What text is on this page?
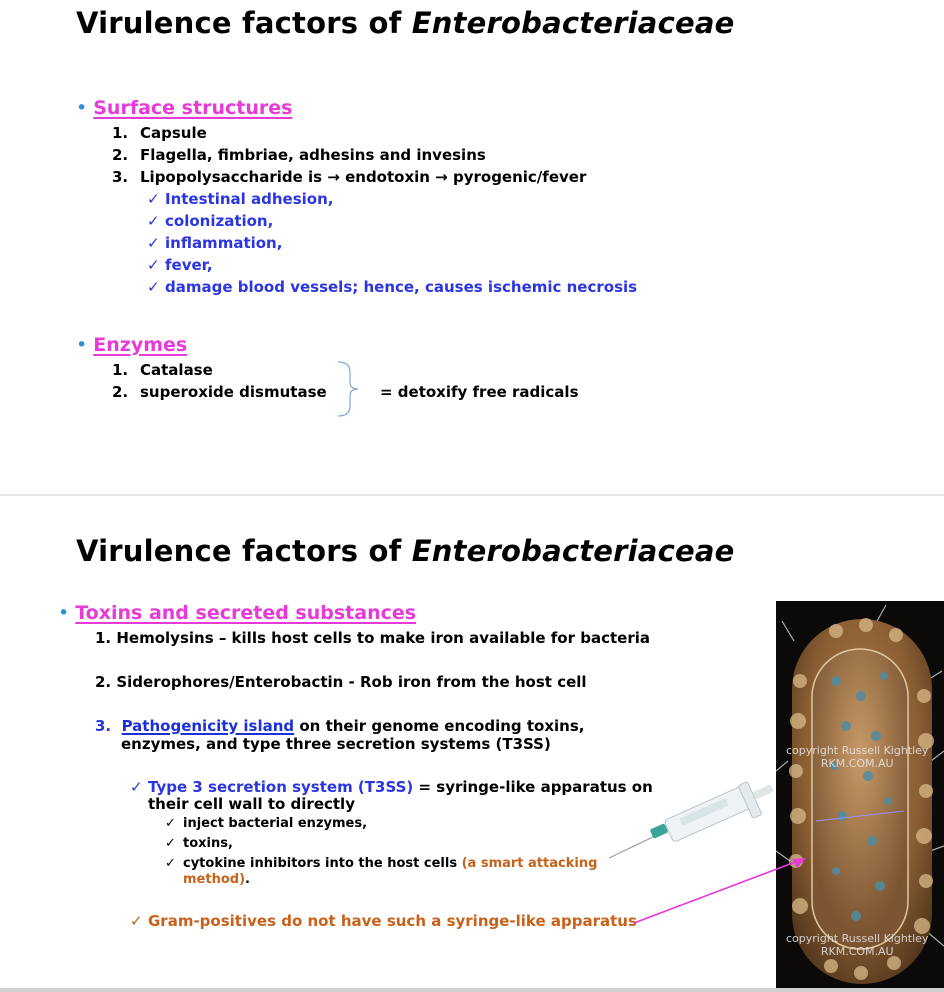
Virulence factors of Enterobacteriaceae
• Surface structures
1. Capsule
2. Flagella, fimbriae, adhesins and invesins
3. Lipopolysaccharide is → endotoxin → pyrogenic/fever
✓ Intestinal adhesion,
✓ colonization,
✓ inflammation,
✓ fever,
✓ damage blood vessels; hence, causes ischemic necrosis
• Enzymes
1. Catalase
2. superoxide dismutase	= detoxify free radicals
Virulence factors of Enterobacteriaceae
• Toxins and secreted substances
1. Hemolysins – kills host cells to make iron available for bacteria
2. Siderophores/Enterobactin - Rob iron from the host cell
3. Pathogenicity island on their genome encoding toxins,
enzymes, and type three secretion systems (T3SS)
✓ Type 3 secretion system (T3SS) = syringe-like apparatus on
their cell wall to directly
✓ inject bacterial enzymes,
✓ toxins,
✓ cytokine inhibitors into the host cells (a smart attacking
method).
✓ Gram-positives do not have such a syringe-like apparatus
copyright Russell Kightley
RKM.COM.AU
copyright Russell Kightley
RKM.COM.AU
